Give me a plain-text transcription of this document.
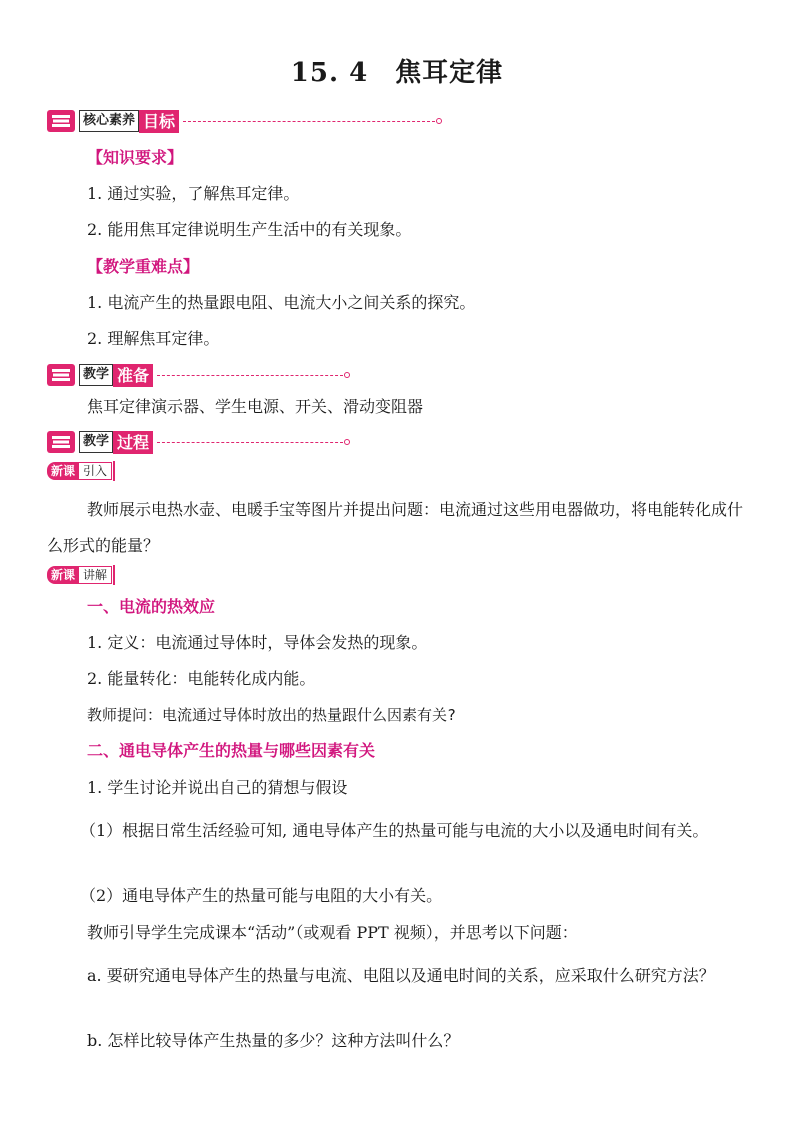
15. 4　焦耳定律
核心素养 目标
【知识要求】
1. 通过实验，了解焦耳定律。
2. 能用焦耳定律说明生产生活中的有关现象。
【教学重难点】
1. 电流产生的热量跟电阻、电流大小之间关系的探究。
2. 理解焦耳定律。
教学 准备
焦耳定律演示器、学生电源、开关、滑动变阻器
教学 过程
新课 引入
教师展示电热水壶、电暖手宝等图片并提出问题：电流通过这些用电器做功，将电能转化成什么形式的能量？
新课 讲解
一、电流的热效应
1. 定义：电流通过导体时，导体会发热的现象。
2. 能量转化：电能转化成内能。
教师提问：电流通过导体时放出的热量跟什么因素有关?
二、通电导体产生的热量与哪些因素有关
1. 学生讨论并说出自己的猜想与假设
（1）根据日常生活经验可知, 通电导体产生的热量可能与电流的大小以及通电时间有关。
（2）通电导体产生的热量可能与电阻的大小有关。
教师引导学生完成课本“活动”（或观看 PPT 视频），并思考以下问题：
a. 要研究通电导体产生的热量与电流、电阻以及通电时间的关系，应采取什么研究方法？
b. 怎样比较导体产生热量的多少？这种方法叫什么？
